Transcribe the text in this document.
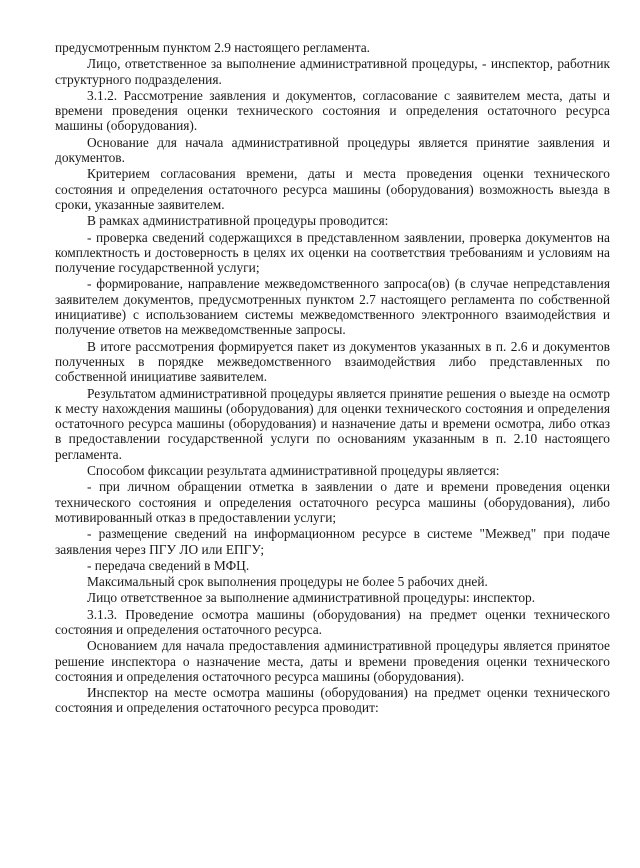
предусмотренным пунктом 2.9 настоящего регламента.

Лицо, ответственное за выполнение административной процедуры, - инспектор, работник структурного подразделения.

3.1.2. Рассмотрение заявления и документов, согласование с заявителем места, даты и времени проведения оценки технического состояния и определения остаточного ресурса машины (оборудования).

Основание для начала административной процедуры является принятие заявления и документов.

Критерием согласования времени, даты и места проведения оценки технического состояния и определения остаточного ресурса машины (оборудования) возможность выезда в сроки, указанные заявителем.

В рамках административной процедуры проводится:

- проверка сведений содержащихся в представленном заявлении, проверка документов на комплектность и достоверность в целях их оценки на соответствия требованиям и условиям на получение государственной услуги;

- формирование, направление межведомственного запроса(ов) (в случае непредставления заявителем документов, предусмотренных пунктом 2.7 настоящего регламента по собственной инициативе) с использованием системы межведомственного электронного взаимодействия и получение ответов на межведомственные запросы.

В итоге рассмотрения формируется пакет из документов указанных в п. 2.6 и документов полученных в порядке межведомственного взаимодействия либо представленных по собственной инициативе заявителем.

Результатом административной процедуры является принятие решения о выезде на осмотр к месту нахождения машины (оборудования) для оценки технического состояния и определения остаточного ресурса машины (оборудования) и назначение даты и времени осмотра, либо отказ в предоставлении государственной услуги по основаниям указанным в п. 2.10 настоящего регламента.

Способом фиксации результата административной процедуры является:

- при личном обращении отметка в заявлении о дате и времени проведения оценки технического состояния и определения остаточного ресурса машины (оборудования), либо мотивированный отказ в предоставлении услуги;

- размещение сведений на информационном ресурсе в системе "Межвед" при подаче заявления через ПГУ ЛО или ЕПГУ;

- передача сведений в МФЦ.

Максимальный срок выполнения процедуры не более 5 рабочих дней.

Лицо ответственное за выполнение административной процедуры: инспектор.

3.1.3. Проведение осмотра машины (оборудования) на предмет оценки технического состояния и определения остаточного ресурса.

Основанием для начала предоставления административной процедуры является принятое решение инспектора о назначение места, даты и времени проведения оценки технического состояния и определения остаточного ресурса машины (оборудования).

Инспектор на месте осмотра машины (оборудования) на предмет оценки технического состояния и определения остаточного ресурса проводит:
